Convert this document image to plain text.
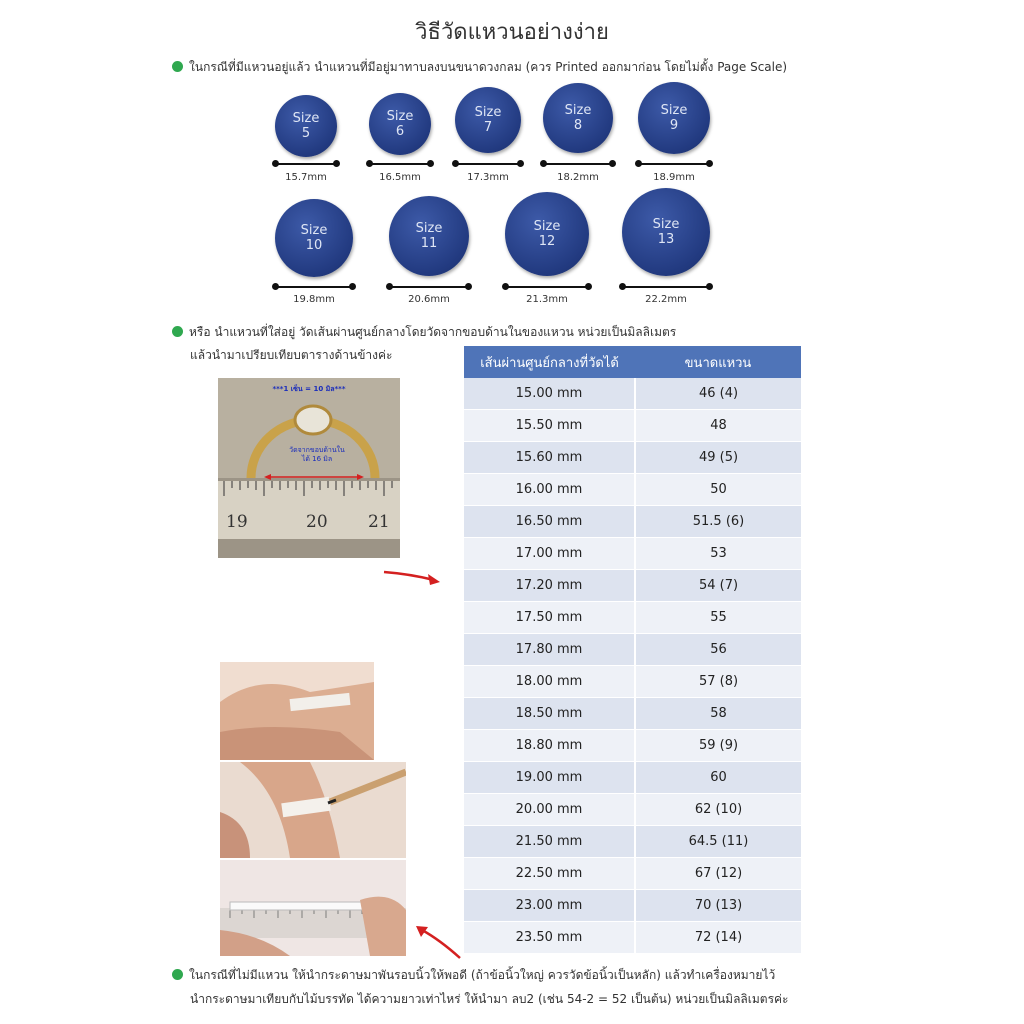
วิธีวัดแหวนอย่างง่าย
ในกรณีที่มีแหวนอยู่แล้ว นำแหวนที่มีอยู่มาทาบลงบนขนาดวงกลม (ควร Printed ออกมาก่อน โดยไม่ตั้ง Page Scale)
Size
5
15.7mm
Size
6
16.5mm
Size
7
17.3mm
Size
8
18.2mm
Size
9
18.9mm
Size
10
19.8mm
Size
11
20.6mm
Size
12
21.3mm
Size
13
22.2mm
หรือ นำแหวนที่ใส่อยู่ วัดเส้นผ่านศูนย์กลางโดยวัดจากขอบด้านในของแหวน หน่วยเป็นมิลลิเมตร
แล้วนำมาเปรียบเทียบตารางด้านข้างค่ะ
***1 เซ็น = 10 มิล***
วัดจากขอบด้านใน
ได้ 16 มิล
19	20 21
เส้นผ่านศูนย์กลางที่วัดได้	ขนาดแหวน
15.00 mm	46 (4)
15.50 mm	48
15.60 mm	49 (5)
16.00 mm	50
16.50 mm	51.5 (6)
17.00 mm	53
17.20 mm	54 (7)
17.50 mm	55
17.80 mm	56
18.00 mm	57 (8)
18.50 mm	58
18.80 mm	59 (9)
19.00 mm	60
20.00 mm	62 (10)
21.50 mm	64.5 (11)
22.50 mm	67 (12)
23.00 mm	70 (13)
23.50 mm	72 (14)
ในกรณีที่ไม่มีแหวน ให้นำกระดาษมาพันรอบนิ้วให้พอดี (ถ้าข้อนิ้วใหญ่ ควรวัดข้อนิ้วเป็นหลัก) แล้วทำเครื่องหมายไว้
นำกระดาษมาเทียบกับไม้บรรทัด ได้ความยาวเท่าไหร่ ให้นำมา ลบ2 (เช่น 54-2 = 52 เป็นต้น) หน่วยเป็นมิลลิเมตรค่ะ
